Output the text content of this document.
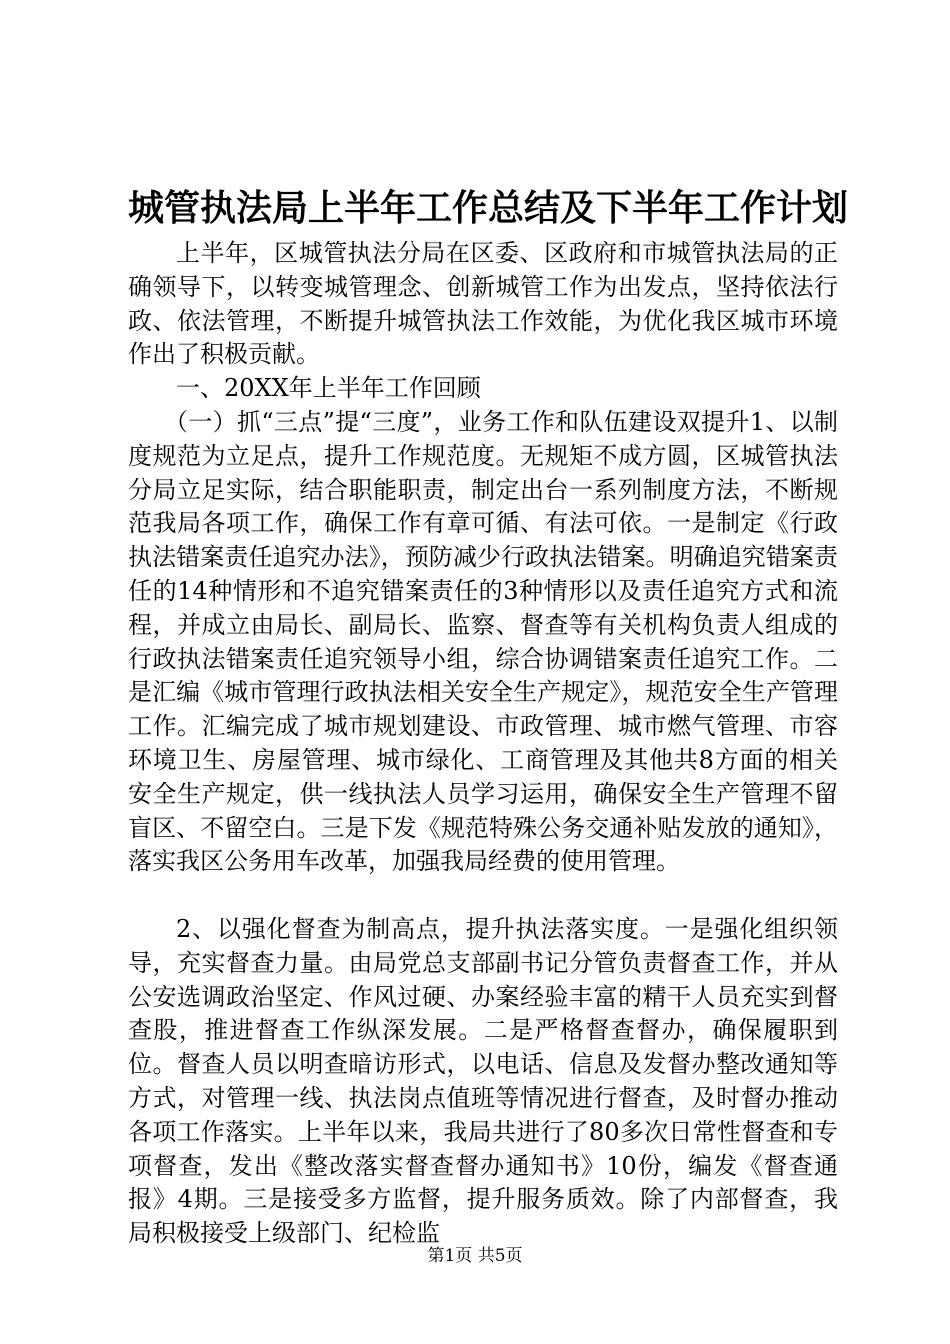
城管执法局上半年工作总结及下半年工作计划

上半年，区城管执法分局在区委、区政府和市城管执法局的正确领导下，以转变城管理念、创新城管工作为出发点，坚持依法行政、依法管理，不断提升城管执法工作效能，为优化我区城市环境作出了积极贡献。

一、20XX年上半年工作回顾

（一）抓“三点”提“三度”，业务工作和队伍建设双提升1、以制度规范为立足点，提升工作规范度。无规矩不成方圆，区城管执法分局立足实际，结合职能职责，制定出台一系列制度方法，不断规范我局各项工作，确保工作有章可循、有法可依。一是制定《行政执法错案责任追究办法》，预防减少行政执法错案。明确追究错案责任的14种情形和不追究错案责任的3种情形以及责任追究方式和流程，并成立由局长、副局长、监察、督查等有关机构负责人组成的行政执法错案责任追究领导小组，综合协调错案责任追究工作。二是汇编《城市管理行政执法相关安全生产规定》，规范安全生产管理工作。汇编完成了城市规划建设、市政管理、城市燃气管理、市容环境卫生、房屋管理、城市绿化、工商管理及其他共8方面的相关安全生产规定，供一线执法人员学习运用，确保安全生产管理不留盲区、不留空白。三是下发《规范特殊公务交通补贴发放的通知》，落实我区公务用车改革，加强我局经费的使用管理。

2、以强化督查为制高点，提升执法落实度。一是强化组织领导，充实督查力量。由局党总支部副书记分管负责督查工作，并从公安选调政治坚定、作风过硬、办案经验丰富的精干人员充实到督查股，推进督查工作纵深发展。二是严格督查督办，确保履职到位。督查人员以明查暗访形式，以电话、信息及发督办整改通知等方式，对管理一线、执法岗点值班等情况进行督查，及时督办推动各项工作落实。上半年以来，我局共进行了80多次日常性督查和专项督查，发出《整改落实督查督办通知书》10份，编发《督查通报》4期。三是接受多方监督，提升服务质效。除了内部督查，我局积极接受上级部门、纪检监

第1页 共5页
